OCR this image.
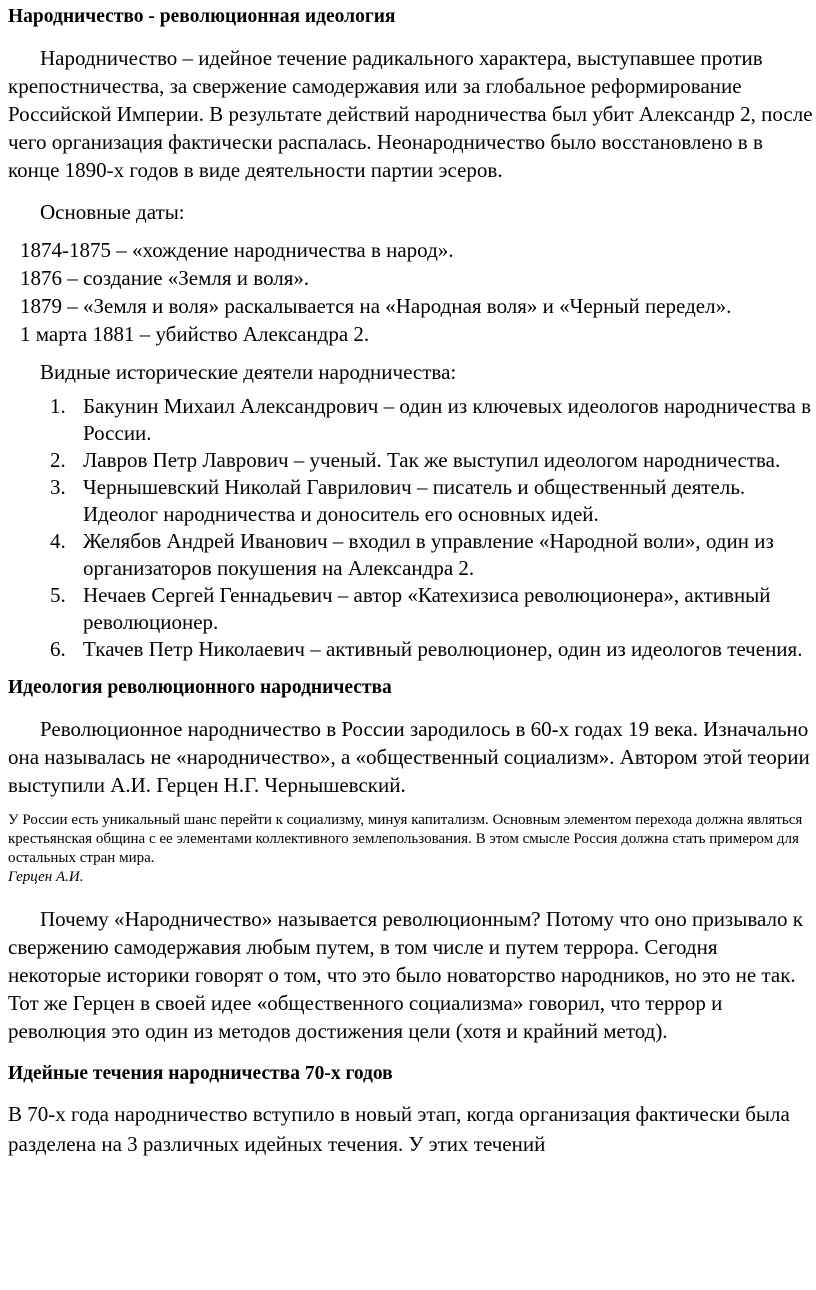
Народничество - революционная идеология

Народничество – идейное течение радикального характера, выступавшее против крепостничества, за свержение самодержавия или за глобальное реформирование Российской Империи. В результате действий народничества был убит Александр 2, после чего организация фактически распалась. Неонародничество было восстановлено в в конце 1890-х годов в виде деятельности партии эсеров.

Основные даты:

1874-1875 – «хождение народничества в народ».
1876 – создание «Земля и воля».
1879 – «Земля и воля» раскалывается на «Народная воля» и «Черный передел».
1 марта 1881 – убийство Александра 2.

Видные исторические деятели народничества:

1. Бакунин Михаил Александрович – один из ключевых идеологов народничества в России.
2. Лавров Петр Лаврович – ученый. Так же выступил идеологом народничества.
3. Чернышевский Николай Гаврилович – писатель и общественный деятель. Идеолог народничества и доноситель его основных идей.
4. Желябов Андрей Иванович – входил в управление «Народной воли», один из организаторов покушения на Александра 2.
5. Нечаев Сергей Геннадьевич – автор «Катехизиса революционера», активный революционер.
6. Ткачев Петр Николаевич – активный революционер, один из идеологов течения.
Идеология революционного народничества

Революционное народничество в России зародилось в 60-х годах 19 века. Изначально она называлась не «народничество», а «общественный социализм». Автором этой теории выступили А.И. Герцен Н.Г. Чернышевский.

У России есть уникальный шанс перейти к социализму, минуя капитализм. Основным элементом перехода должна являться крестьянская община с ее элементами коллективного землепользования. В этом смысле Россия должна стать примером для остальных стран мира.

Герцен А.И.

Почему «Народничество» называется революционным? Потому что оно призывало к свержению самодержавия любым путем, в том числе и путем террора. Сегодня некоторые историки говорят о том, что это было новаторство народников, но это не так. Тот же Герцен в своей идее «общественного социализма» говорил, что террор и революция это один из методов достижения цели (хотя и крайний метод).

Идейные течения народничества 70-х годов

В 70-х года народничество вступило в новый этап, когда организация фактически была разделена на 3 различных идейных течения. У этих течений
